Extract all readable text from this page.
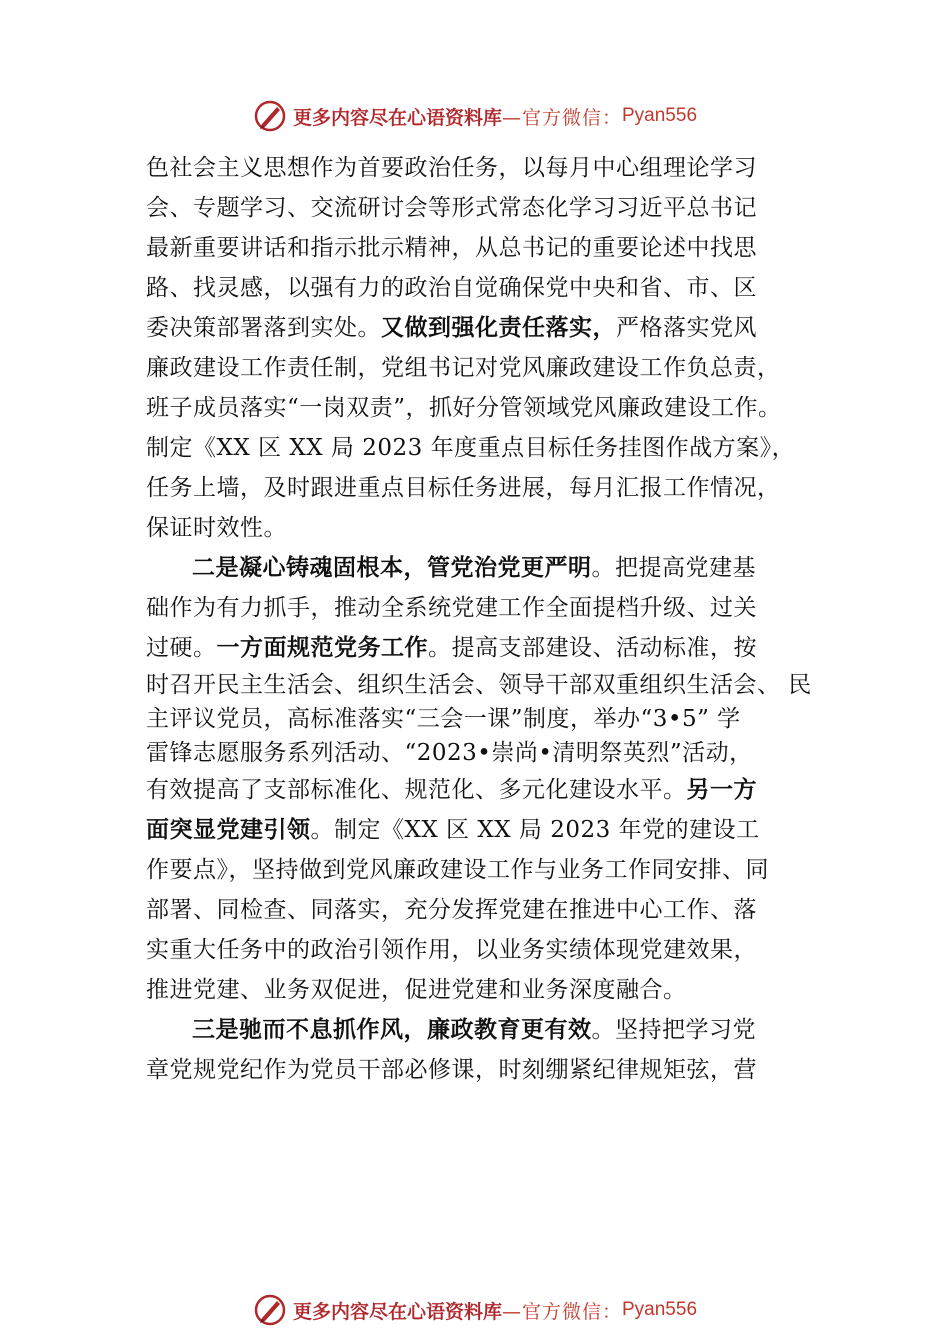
更多内容尽在心语资料库 —官方微信： Pyan556
色社会主义思想作为首要政治任务，以每月中心组理论学习
会、专题学习、交流研讨会等形式常态化学习习近平总书记
最新重要讲话和指示批示精神，从总书记的重要论述中找思
路、找灵感，以强有力的政治自觉确保党中央和省、市、区
委决策部署落到实处。又做到强化责任落实，严格落实党风
廉政建设工作责任制，党组书记对党风廉政建设工作负总责，
班子成员落实“一岗双责”，抓好分管领域党风廉政建设工作。
制定《XX 区 XX 局 2023 年度重点目标任务挂图作战方案》，
任务上墙，及时跟进重点目标任务进展，每月汇报工作情况，
保证时效性。
二是凝心铸魂固根本，管党治党更严明。把提高党建基
础作为有力抓手，推动全系统党建工作全面提档升级、过关
过硬。一方面规范党务工作。提高支部建设、活动标准，按
时召开民主生活会、组织生活会、领导干部双重组织生活会、 民
主评议党员，高标准落实“三会一课”制度，举办“3•5” 学
雷锋志愿服务系列活动、“2023•崇尚•清明祭英烈”活动，
有效提高了支部标准化、规范化、多元化建设水平。另一方
面突显党建引领。制定《XX 区 XX 局 2023 年党的建设工
作要点》，坚持做到党风廉政建设工作与业务工作同安排、同
部署、同检查、同落实，充分发挥党建在推进中心工作、落
实重大任务中的政治引领作用，以业务实绩体现党建效果，
推进党建、业务双促进，促进党建和业务深度融合。
三是驰而不息抓作风，廉政教育更有效。坚持把学习党
章党规党纪作为党员干部必修课，时刻绷紧纪律规矩弦，营
更多内容尽在心语资料库 —官方微信： Pyan556
